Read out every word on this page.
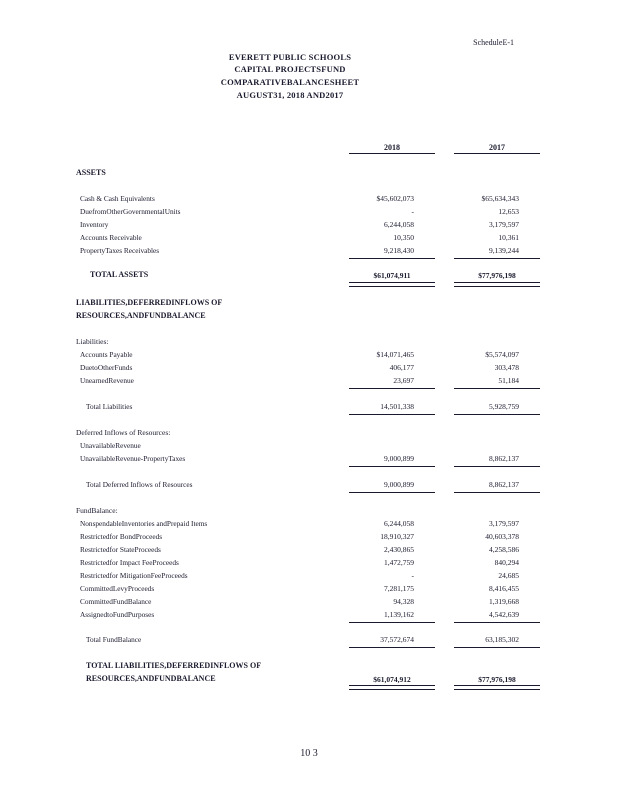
ScheduleE-1
EVERETT PUBLIC SCHOOLS
CAPITAL PROJECTSFUND
COMPARATIVEBALANCESHEET
AUGUST31, 2018 AND2017
2018	2017
ASSETS
Cash & Cash Equivalents	$45,602,073	$65,634,343
DuefromOtherGovernmentalUnits	-	12,653
Inventory	6,244,058	3,179,597
Accounts Receivable	10,350	10,361
PropertyTaxes Receivables	9,218,430	9,139,244
TOTAL ASSETS	$61,074,911	$77,976,198
LIABILITIES,DEFERREDINFLOWS OF
RESOURCES,ANDFUNDBALANCE
Liabilities:
Accounts Payable	$14,071,465	$5,574,097
DuetoOtherFunds	406,177	303,478
UnearnedRevenue	23,697	51,184
Total Liabilities	14,501,338	5,928,759
Deferred Inflows of Resources:
UnavailableRevenue
UnavailableRevenue-PropertyTaxes	9,000,899	8,862,137
Total Deferred Inflows of Resources	9,000,899	8,862,137
FundBalance:
NonspendableInventories andPrepaid Items	6,244,058	3,179,597
Restrictedfor BondProceeds	18,910,327	40,603,378
Restrictedfor StateProceeds	2,430,865	4,258,586
Restrictedfor Impact FeeProceeds	1,472,759	840,294
Restrictedfor MitigationFeeProceeds	-	24,685
CommittedLevyProceeds	7,281,175	8,416,455
CommittedFundBalance	94,328	1,319,668
AssignedtoFundPurposes	1,139,162	4,542,639
Total FundBalance	37,572,674	63,185,302
TOTAL LIABILITIES,DEFERREDINFLOWS OF
RESOURCES,ANDFUNDBALANCE	$61,074,912	$77,976,198
10 3
